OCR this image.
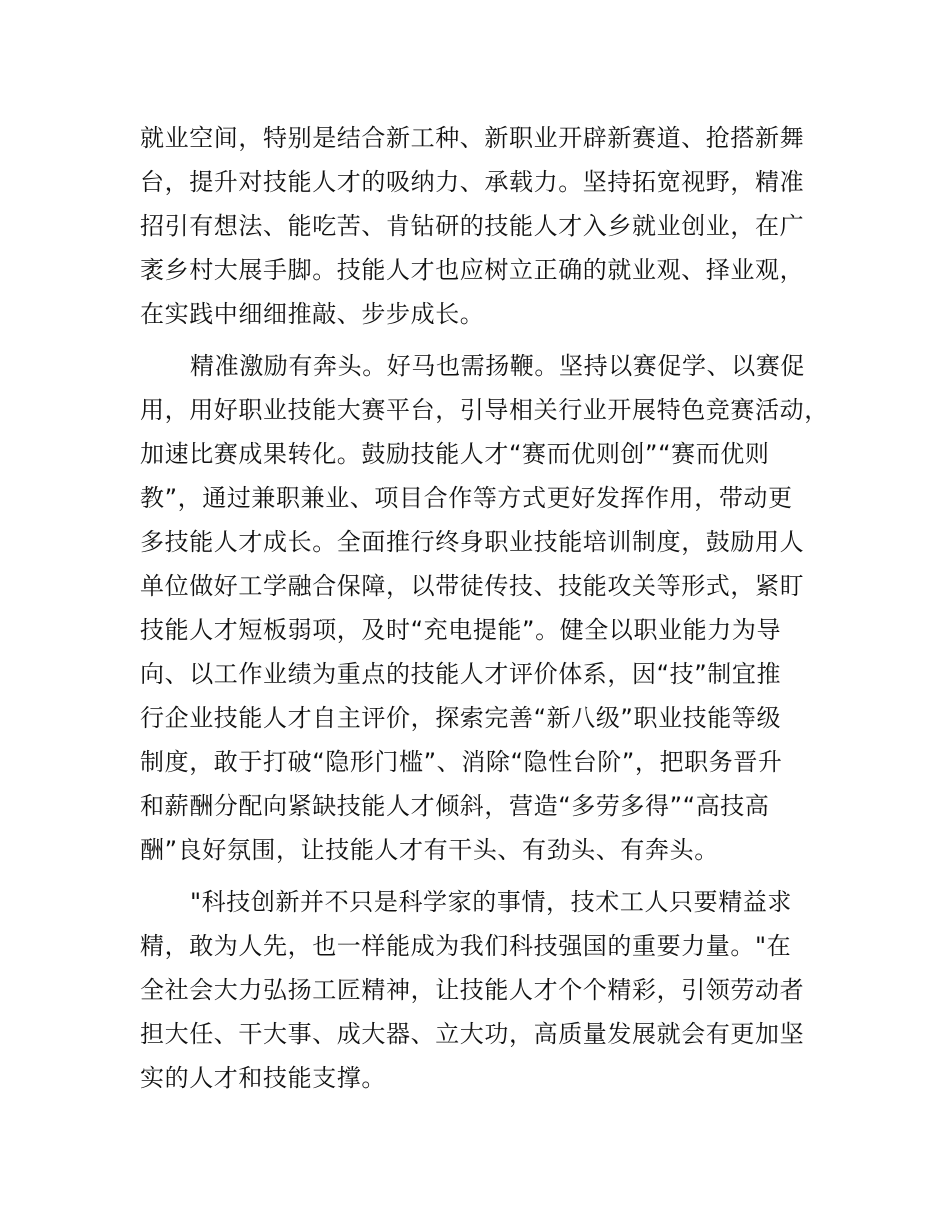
就业空间，特别是结合新工种、新职业开辟新赛道、抢搭新舞
台，提升对技能人才的吸纳力、承载力。坚持拓宽视野，精准
招引有想法、能吃苦、肯钻研的技能人才入乡就业创业，在广
袤乡村大展手脚。技能人才也应树立正确的就业观、择业观，
在实践中细细推敲、步步成长。
精准激励有奔头。好马也需扬鞭。坚持以赛促学、以赛促
用，用好职业技能大赛平台，引导相关行业开展特色竞赛活动，
加速比赛成果转化。鼓励技能人才“赛而优则创”“赛而优则
教”，通过兼职兼业、项目合作等方式更好发挥作用，带动更
多技能人才成长。全面推行终身职业技能培训制度，鼓励用人
单位做好工学融合保障，以带徒传技、技能攻关等形式，紧盯
技能人才短板弱项，及时“充电提能”。健全以职业能力为导
向、以工作业绩为重点的技能人才评价体系，因“技”制宜推
行企业技能人才自主评价，探索完善“新八级”职业技能等级
制度，敢于打破“隐形门槛”、消除“隐性台阶”，把职务晋升
和薪酬分配向紧缺技能人才倾斜，营造“多劳多得”“高技高
酬”良好氛围，让技能人才有干头、有劲头、有奔头。
"科技创新并不只是科学家的事情，技术工人只要精益求
精，敢为人先，也一样能成为我们科技强国的重要力量。"在
全社会大力弘扬工匠精神，让技能人才个个精彩，引领劳动者
担大任、干大事、成大器、立大功，高质量发展就会有更加坚
实的人才和技能支撑。
